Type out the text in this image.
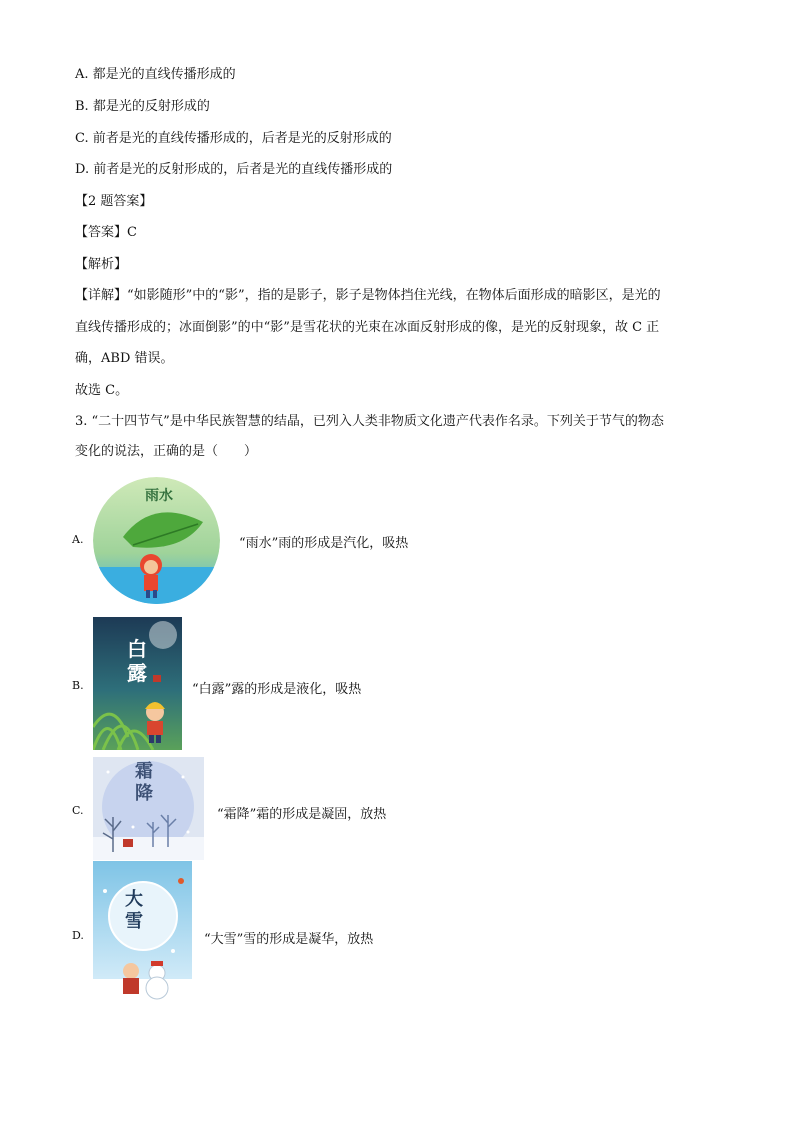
A. 都是光的直线传播形成的
B. 都是光的反射形成的
C. 前者是光的直线传播形成的，后者是光的反射形成的
D. 前者是光的反射形成的，后者是光的直线传播形成的
【2 题答案】
【答案】C
【解析】
【详解】“如影随形”中的“影”，指的是影子，影子是物体挡住光线，在物体后面形成的暗影区，是光的
直线传播形成的；冰面倒影”的中“影”是雪花状的光束在冰面反射形成的像，是光的反射现象，故 C 正
确，ABD 错误。
故选 C。
3. “二十四节气”是中华民族智慧的结晶，已列入人类非物质文化遗产代表作名录。下列关于节气的物态
变化的说法，正确的是（　　）
A.
雨水
“雨水”雨的形成是汽化，吸热
B.
白露
“白露”露的形成是液化，吸热
C.
霜降
“霜降”霜的形成是凝固，放热
D.
大雪
“大雪”雪的形成是凝华，放热
